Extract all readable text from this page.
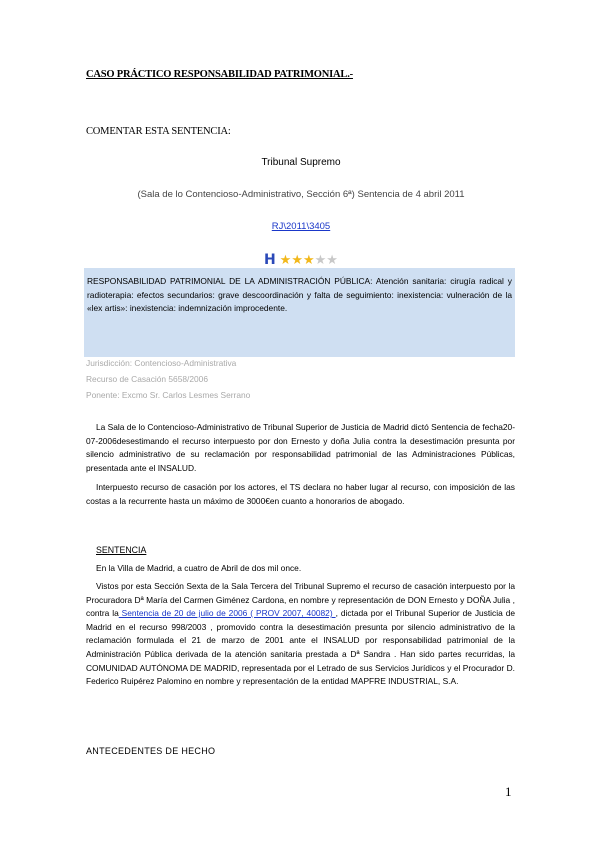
CASO PRÁCTICO RESPONSABILIDAD PATRIMONIAL.-
COMENTAR ESTA SENTENCIA:
Tribunal Supremo
(Sala de lo Contencioso-Administrativo, Sección 6ª) Sentencia de 4 abril 2011
RJ\2011\3405
H ★★★★★
RESPONSABILIDAD PATRIMONIAL DE LA ADMINISTRACIÓN PÚBLICA: Atención sanitaria: cirugía radical y radioterapia: efectos secundarios: grave descoordinación y falta de seguimiento: inexistencia: vulneración de la «lex artis»: inexistencia: indemnización improcedente.
Jurisdicción: Contencioso-Administrativa
Recurso de Casación 5658/2006
Ponente: Excmo Sr. Carlos Lesmes Serrano
La Sala de lo Contencioso-Administrativo de Tribunal Superior de Justicia de Madrid dictó Sentencia de fecha20-07-2006desestimando el recurso interpuesto por don Ernesto y doña Julia contra la desestimación presunta por silencio administrativo de su reclamación por responsabilidad patrimonial de las Administraciones Públicas, presentada ante el INSALUD.
Interpuesto recurso de casación por los actores, el TS declara no haber lugar al recurso, con imposición de las costas a la recurrente hasta un máximo de 3000€en cuanto a honorarios de abogado.
SENTENCIA
En la Villa de Madrid, a cuatro de Abril de dos mil once.
Vistos por esta Sección Sexta de la Sala Tercera del Tribunal Supremo el recurso de casación interpuesto por la Procuradora Dª María del Carmen Giménez Cardona, en nombre y representación de DON Ernesto y DOÑA Julia , contra la Sentencia de 20 de julio de 2006 ( PROV 2007, 40082) , dictada por el Tribunal Superior de Justicia de Madrid en el recurso 998/2003 , promovido contra la desestimación presunta por silencio administrativo de la reclamación formulada el 21 de marzo de 2001 ante el INSALUD por responsabilidad patrimonial de la Administración Pública derivada de la atención sanitaria prestada a Dª Sandra . Han sido partes recurridas, la COMUNIDAD AUTÓNOMA DE MADRID, representada por el Letrado de sus Servicios Jurídicos y el Procurador D. Federico Ruipérez Palomino en nombre y representación de la entidad MAPFRE INDUSTRIAL, S.A.
ANTECEDENTES DE HECHO
1
